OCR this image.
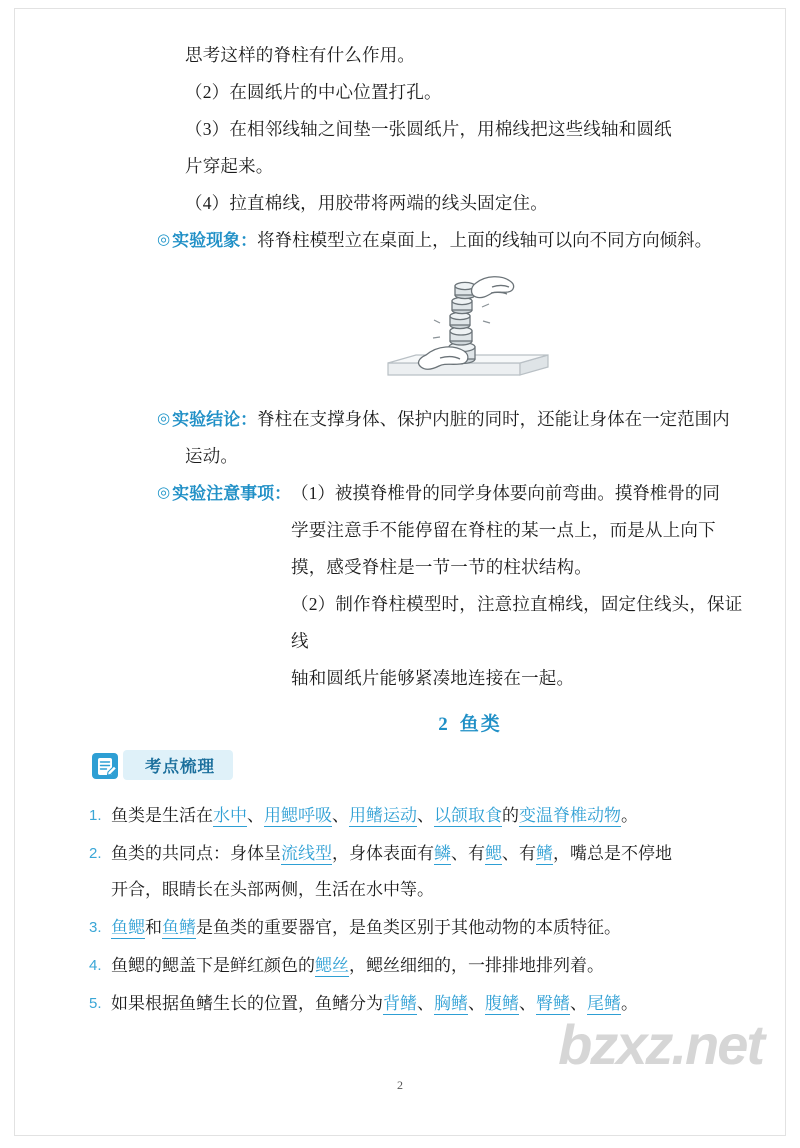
思考这样的脊柱有什么作用。
（2）在圆纸片的中心位置打孔。
（3）在相邻线轴之间垫一张圆纸片，用棉线把这些线轴和圆纸
片穿起来。
（4）拉直棉线，用胶带将两端的线头固定住。
◎ 实验现象： 将脊柱模型立在桌面上，上面的线轴可以向不同方向倾斜。
◎ 实验结论： 脊柱在支撑身体、保护内脏的同时，还能让身体在一定范围内
运动。
◎ 实验注意事项： （1）被摸脊椎骨的同学身体要向前弯曲。摸脊椎骨的同
学要注意手不能停留在脊柱的某一点上，而是从上向下
摸，感受脊柱是一节一节的柱状结构。
（2）制作脊柱模型时，注意拉直棉线，固定住线头，保证线
轴和圆纸片能够紧凑地连接在一起。
2 鱼类
考点梳理
1. 鱼类是生活在水中、用鳃呼吸、用鳍运动、以颌取食的变温脊椎动物。
2. 鱼类的共同点：身体呈流线型，身体表面有鳞、有鳃、有鳍，嘴总是不停地
开合，眼睛长在头部两侧，生活在水中等。
3. 鱼鳃和鱼鳍是鱼类的重要器官，是鱼类区别于其他动物的本质特征。
4. 鱼鳃的鳃盖下是鲜红颜色的鳃丝，鳃丝细细的，一排排地排列着。
5. 如果根据鱼鳍生长的位置，鱼鳍分为背鳍、胸鳍、腹鳍、臀鳍、尾鳍。
bzxz.net
2
